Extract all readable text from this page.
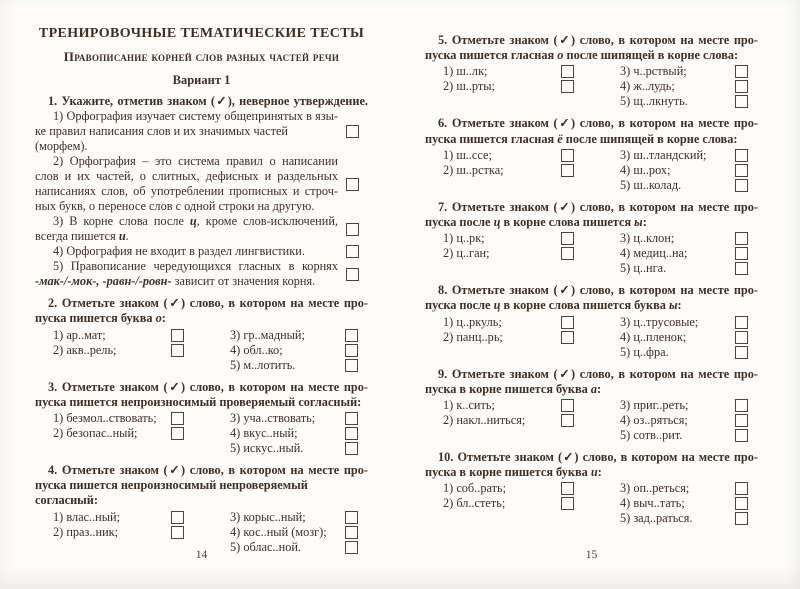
ТРЕНИРОВОЧНЫЕ ТЕМАТИЧЕСКИЕ ТЕСТЫ
Правописание корней слов разных частей речи
Вариант 1
1. Укажите, отметив знаком (✓), неверное утверждение.
1) Орфография изучает систему общепринятых в язы-
ке правил написания слов и их значимых частей (морфем).
2) Орфография – это система правил о написании
слов и их частей, о слитных, дефисных и раздельных
написаниях слов, об употреблении прописных и строч-
ных букв, о переносе слов с одной строки на другую.
3) В корне слова после ц, кроме слов-исключений,
всегда пишется и.
4) Орфография не входит в раздел лингвистики.
5) Правописание чередующихся гласных в корнях
-мак-/-мок-, -равн-/-ровн- зависит от значения корня.
2. Отметьте знаком (✓) слово, в котором на месте про-
пуска пишется буква о:
1) ар..мат;
2) акв..рель;
3) гр..мадный;
4) обл..ко;
5) м..лотить.
3. Отметьте знаком (✓) слово, в котором на месте про-
пуска пишется непроизносимый проверяемый согласный:
1) безмол..ствовать;
2) безопас..ный;
3) уча..ствовать;
4) вкус..ный;
5) искус..ный.
4. Отметьте знаком (✓) слово, в котором на месте про-
пуска пишется непроизносимый непроверяемый согласный:
1) влас..ный;
2) праз..ник;
3) корыс..ный;
4) кос..ный (мозг);
5) облас..ной.
14
5. Отметьте знаком (✓) слово, в котором на месте про-
пуска пишется гласная о после шипящей в корне слова:
1) ш..лк;
2) ш..рты;
3) ч..рствый;
4) ж..лудь;
5) щ..лкнуть.
6. Отметьте знаком (✓) слово, в котором на месте про-
пуска пишется гласная ё после шипящей в корне слова:
1) ш..ссе;
2) ш..рстка;
3) ш..тландский;
4) ш..рох;
5) ш..колад.
7. Отметьте знаком (✓) слово, в котором на месте про-
пуска после ц в корне слова пишется ы:
1) ц..рк;
2) ц..ган;
3) ц..клон;
4) медиц..на;
5) ц..нга.
8. Отметьте знаком (✓) слово, в котором на месте про-
пуска после ц в корне слова пишется буква ы:
1) ц..ркуль;
2) панц..рь;
3) ц..трусовые;
4) ц..пленок;
5) ц..фра.
9. Отметьте знаком (✓) слово, в котором на месте про-
пуска в корне пишется буква а:
1) к..сить;
2) накл..ниться;
3) приг..реть;
4) оз..ряться;
5) сотв..рит.
10. Отметьте знаком (✓) слово, в котором на месте про-
пуска в корне пишется буква и:
1) соб..рать;
2) бл..стеть;
3) оп..реться;
4) выч..тать;
5) зад..раться.
15
